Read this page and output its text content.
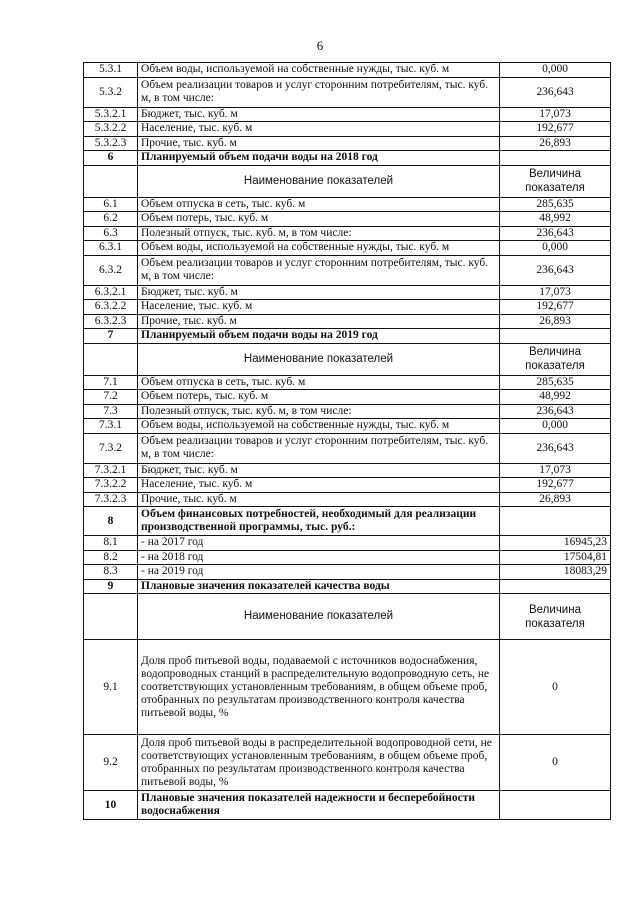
6
5.3.1	Объем воды, используемой на собственные нужды, тыс. куб. м	0,000
5.3.2	Объем реализации товаров и услуг сторонним потребителям, тыс. куб. м, в том числе:	236,643
5.3.2.1	Бюджет, тыс. куб. м	17,073
5.3.2.2	Население, тыс. куб. м	192,677
5.3.2.3	Прочие, тыс. куб. м	26,893
6	Планируемый объем подачи воды на 2018 год	
	Наименование показателей	Величина показателя
6.1	Объем отпуска в сеть, тыс. куб. м	285,635
6.2	Объем потерь, тыс. куб. м	48,992
6.3	Полезный отпуск, тыс. куб. м, в том числе:	236,643
6.3.1	Объем воды, используемой на собственные нужды, тыс. куб. м	0,000
6.3.2	Объем реализации товаров и услуг сторонним потребителям, тыс. куб. м, в том числе:	236,643
6.3.2.1	Бюджет, тыс. куб. м	17,073
6.3.2.2	Население, тыс. куб. м	192,677
6.3.2.3	Прочие, тыс. куб. м	26,893
7	Планируемый объем подачи воды на 2019 год	
	Наименование показателей	Величина показателя
7.1	Объем отпуска в сеть, тыс. куб. м	285,635
7.2	Объем потерь, тыс. куб. м	48,992
7.3	Полезный отпуск, тыс. куб. м, в том числе:	236,643
7.3.1	Объем воды, используемой на собственные нужды, тыс. куб. м	0,000
7.3.2	Объем реализации товаров и услуг сторонним потребителям, тыс. куб. м, в том числе:	236,643
7.3.2.1	Бюджет, тыс. куб. м	17,073
7.3.2.2	Население, тыс. куб. м	192,677
7.3.2.3	Прочие, тыс. куб. м	26,893
8	Объем финансовых потребностей, необходимый для реализации производственной программы, тыс. руб.:	
8.1	- на 2017 год	16945,23
8.2	- на 2018 год	17504,81
8.3	- на 2019 год	18083,29
9	Плановые значения показателей качества воды	
	Наименование показателей	Величина показателя
9.1	Доля проб питьевой воды, подаваемой с источников водоснабжения, водопроводных станций в распределительную водопроводную сеть, не соответствующих установленным требованиям, в общем объеме проб, отобранных по результатам производственного контроля качества питьевой воды, %	0
9.2	Доля проб питьевой воды в распределительной водопроводной сети, не соответствующих установленным требованиям, в общем объеме проб, отобранных по результатам производственного контроля качества питьевой воды, %	0
10	Плановые значения показателей надежности и бесперебойности водоснабжения	
